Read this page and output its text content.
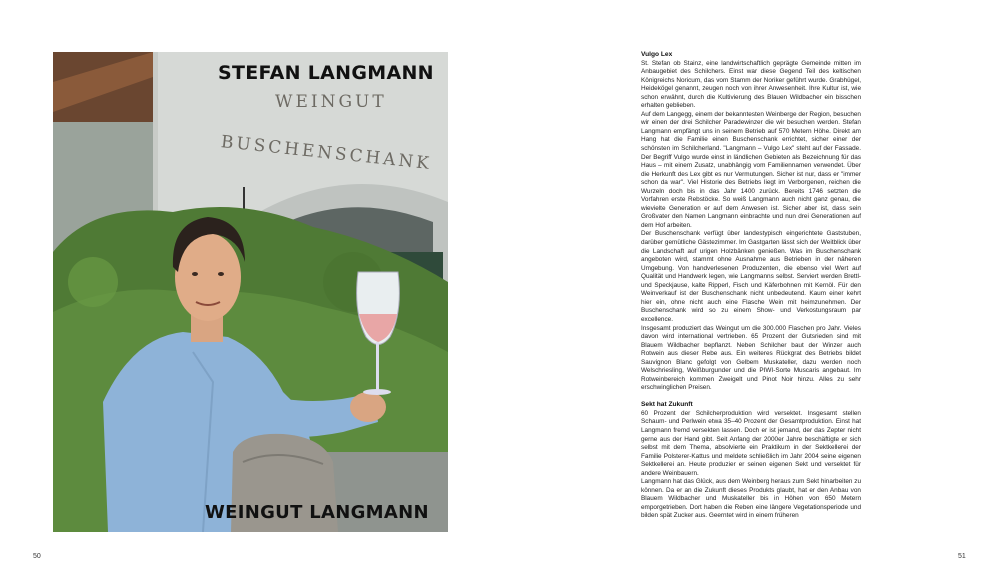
STEFAN LANGMANN
WEINGUT
BUSCHENSCHANK
WEINGUT LANGMANN
Vulgo Lex

St. Stefan ob Stainz, eine landwirtschaftlich geprägte Gemeinde mitten im Anbaugebiet des Schilchers. Einst war diese Gegend Teil des keltischen Königreichs Noricum, das vom Stamm der Noriker geführt wurde. Grabhügel, Heidekögel genannt, zeugen noch von ihrer Anwesenheit. Ihre Kultur ist, wie schon erwähnt, durch die Kultivierung des Blauen Wildbacher ein bisschen erhalten geblieben.

Auf dem Langegg, einem der bekanntesten Weinberge der Region, besuchen wir einen der drei Schilcher Paradewinzer die wir besuchen werden. Stefan Langmann empfängt uns in seinem Betrieb auf 570 Metern Höhe. Direkt am Hang hat die Familie einen Buschenschank errichtet, sicher einer der schönsten im Schilcherland. "Langmann – Vulgo Lex" steht auf der Fassade. Der Begriff Vulgo wurde einst in ländlichen Gebieten als Bezeichnung für das Haus – mit einem Zusatz, unabhängig vom Familiennamen verwendet. Über die Herkunft des Lex gibt es nur Vermutungen. Sicher ist nur, dass er "immer schon da war". Viel Historie des Betriebs liegt im Verborgenen, reichen die Wurzeln doch bis in das Jahr 1400 zurück. Bereits 1746 setzten die Vorfahren erste Rebstöcke. So weiß Langmann auch nicht ganz genau, die wievielte Generation er auf dem Anwesen ist. Sicher aber ist, dass sein Großvater den Namen Langmann einbrachte und nun drei Generationen auf dem Hof arbeiten.

Der Buschenschank verfügt über landestypisch eingerichtete Gaststuben, darüber gemütliche Gästezimmer. Im Gastgarten lässt sich der Weitblick über die Landschaft auf urigen Holzbänken genießen. Was im Buschenschank angeboten wird, stammt ohne Ausnahme aus Betrieben in der näheren Umgebung. Von handverlesenen Produzenten, die ebenso viel Wert auf Qualität und Handwerk legen, wie Langmanns selbst. Serviert werden Brettl- und Speckjause, kalte Ripperl, Fisch und Käferbohnen mit Kernöl. Für den Weinverkauf ist der Buschenschank nicht unbedeutend. Kaum einer kehrt hier ein, ohne nicht auch eine Flasche Wein mit heimzunehmen. Der Buschenschank wird so zu einem Show- und Verkostungsraum par excellence.

Insgesamt produziert das Weingut um die 300.000 Flaschen pro Jahr. Vieles davon wird international vertrieben. 65 Prozent der Gutsrieden sind mit Blauem Wildbacher bepflanzt. Neben Schilcher baut der Winzer auch Rotwein aus dieser Rebe aus. Ein weiteres Rückgrat des Betriebs bildet Sauvignon Blanc gefolgt von Gelbem Muskateller, dazu werden noch Welschriesling, Weißburgunder und die PIWI-Sorte Muscaris angebaut. Im Rotweinbereich kommen Zweigelt und Pinot Noir hinzu. Alles zu sehr erschwinglichen Preisen.

Sekt hat Zukunft

60 Prozent der Schilcherproduktion wird versektet. Insgesamt stellen Schaum- und Perlwein etwa 35–40 Prozent der Gesamtproduktion. Einst hat Langmann fremd versekten lassen. Doch er ist jemand, der das Zepter nicht gerne aus der Hand gibt. Seit Anfang der 2000er Jahre beschäftigte er sich selbst mit dem Thema, absolvierte ein Praktikum in der Sektkellerei der Familie Polsterer-Kattus und meldete schließlich im Jahr 2004 seine eigenen Sektkellerei an. Heute produzier er seinen eigenen Sekt und versektet für andere Weinbauern.

Langmann hat das Glück, aus dem Weinberg heraus zum Sekt hinarbeiten zu können. Da er an die Zukunft dieses Produkts glaubt, hat er den Anbau von Blauem Wildbacher und Muskateller bis in Höhen von 650 Metern emporgetrieben. Dort haben die Reben eine längere Vegetationsperiode und bilden spät Zucker aus. Geerntet wird in einem früheren

50	51
